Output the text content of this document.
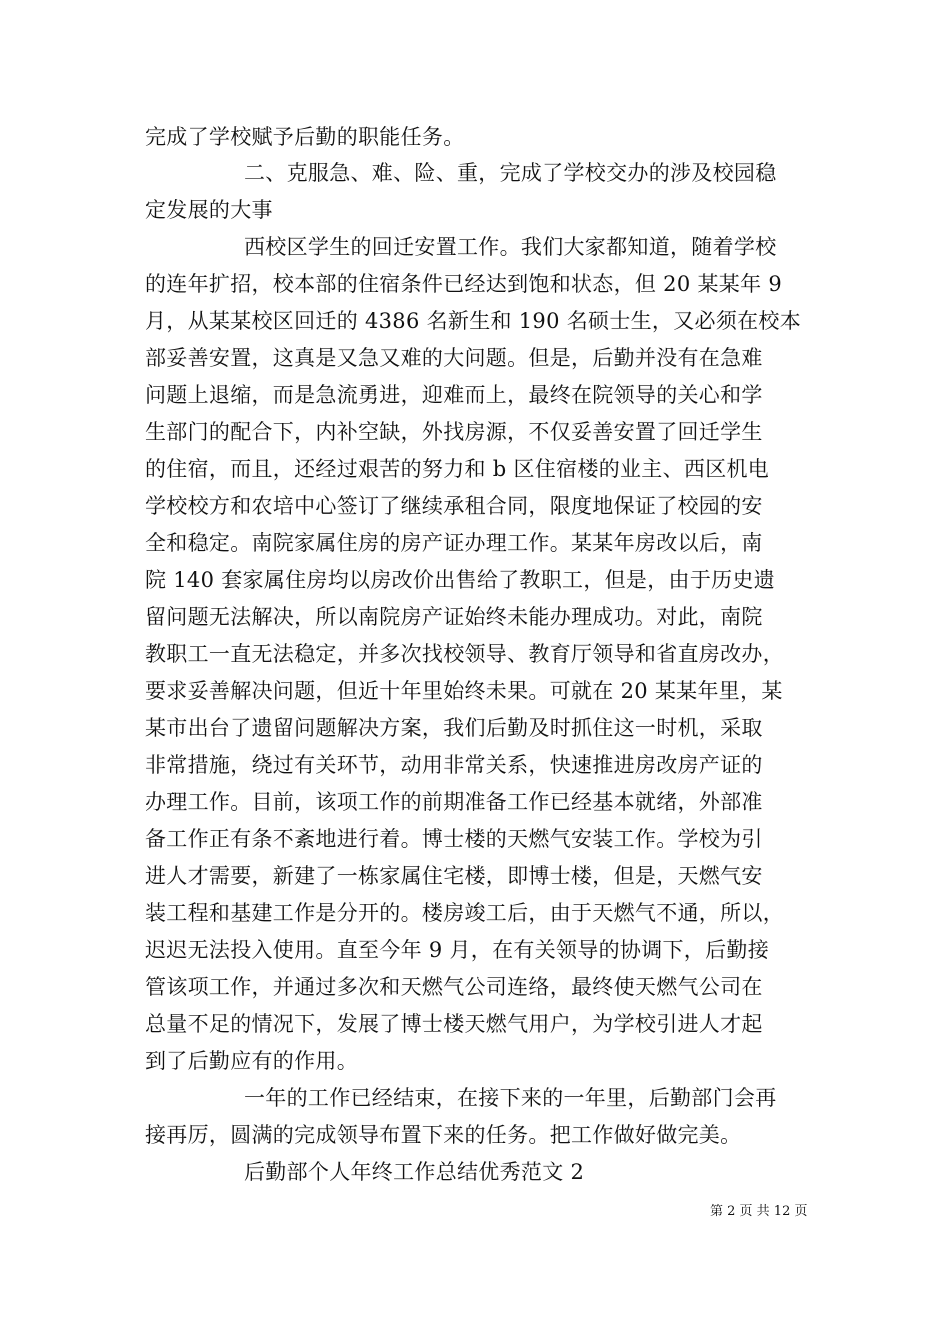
完成了学校赋予后勤的职能任务。
二、克服急、难、险、重，完成了学校交办的涉及校园稳
定发展的大事
西校区学生的回迁安置工作。我们大家都知道，随着学校
的连年扩招，校本部的住宿条件已经达到饱和状态，但 20 某某年 9
月，从某某校区回迁的 4386 名新生和 190 名硕士生，又必须在校本
部妥善安置，这真是又急又难的大问题。但是，后勤并没有在急难
问题上退缩，而是急流勇进，迎难而上，最终在院领导的关心和学
生部门的配合下，内补空缺，外找房源，不仅妥善安置了回迁学生
的住宿，而且，还经过艰苦的努力和 b 区住宿楼的业主、西区机电
学校校方和农培中心签订了继续承租合同，限度地保证了校园的安
全和稳定。南院家属住房的房产证办理工作。某某年房改以后，南
院 140 套家属住房均以房改价出售给了教职工，但是，由于历史遗
留问题无法解决，所以南院房产证始终未能办理成功。对此，南院
教职工一直无法稳定，并多次找校领导、教育厅领导和省直房改办，
要求妥善解决问题，但近十年里始终未果。可就在 20 某某年里，某
某市出台了遗留问题解决方案，我们后勤及时抓住这一时机，采取
非常措施，绕过有关环节，动用非常关系，快速推进房改房产证的
办理工作。目前，该项工作的前期准备工作已经基本就绪，外部准
备工作正有条不紊地进行着。博士楼的天燃气安装工作。学校为引
进人才需要，新建了一栋家属住宅楼，即博士楼，但是，天燃气安
装工程和基建工作是分开的。楼房竣工后，由于天燃气不通，所以，
迟迟无法投入使用。直至今年 9 月，在有关领导的协调下，后勤接
管该项工作，并通过多次和天燃气公司连络，最终使天燃气公司在
总量不足的情况下，发展了博士楼天燃气用户，为学校引进人才起
到了后勤应有的作用。
一年的工作已经结束，在接下来的一年里，后勤部门会再
接再厉，圆满的完成领导布置下来的任务。把工作做好做完美。
后勤部个人年终工作总结优秀范文 2
第 2 页 共 12 页
